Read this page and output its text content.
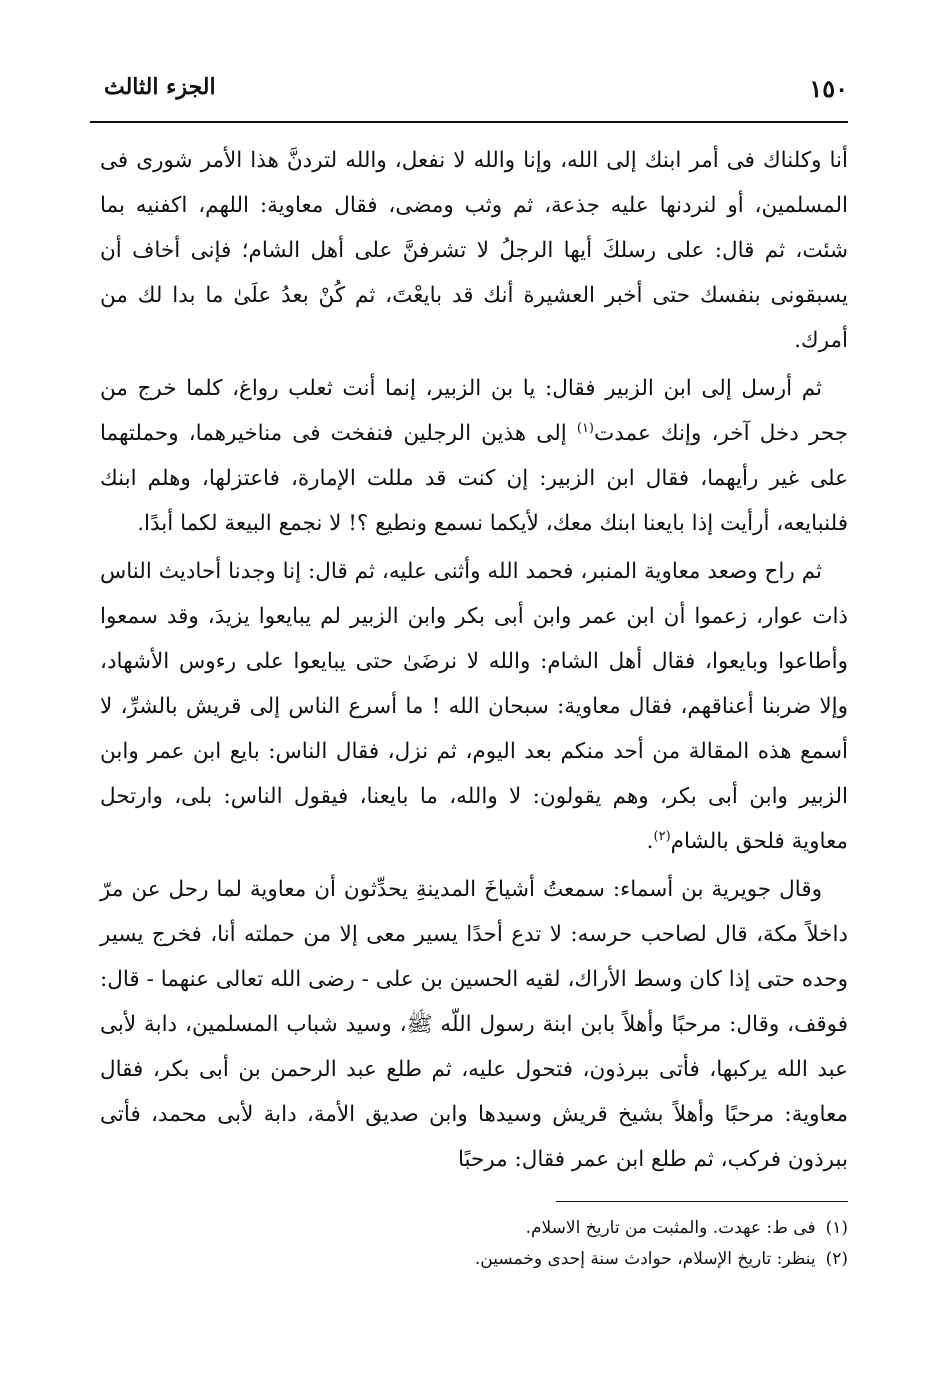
١٥٠
الجزء الثالث

أنا وكلناك فى أمر ابنك إلى الله، وإنا والله لا نفعل، والله لتردنَّ هذا الأمر شورى فى المسلمين، أو لنردنها عليه جذعة، ثم وثب ومضى، فقال معاوية: اللهم، اكفنيه بما شئت، ثم قال: على رسلكَ أيها الرجلُ لا تشرفنَّ على أهل الشام؛ فإنى أخاف أن يسبقونى بنفسك حتى أخبر العشيرة أنك قد بايعْتَ، ثم كُنْ بعدُ علَىٰ ما بدا لك من أمرك.

ثم أرسل إلى ابن الزبير فقال: يا بن الزبير، إنما أنت ثعلب رواغ، كلما خرج من جحر دخل آخر، وإنك عمدت$^{(١)}$ إلى هذين الرجلين فنفخت فى مناخيرهما، وحملتهما على غير رأيهما، فقال ابن الزبير: إن كنت قد مللت الإمارة، فاعتزلها، وهلم ابنك فلنبايعه، أرأيت إذا بايعنا ابنك معك، لأيكما نسمع ونطيع ؟! لا نجمع البيعة لكما أبدًا.

ثم راح وصعد معاوية المنبر، فحمد الله وأثنى عليه، ثم قال: إنا وجدنا أحاديث الناس ذات عوار، زعموا أن ابن عمر وابن أبى بكر وابن الزبير لم يبايعوا يزيدَ، وقد سمعوا وأطاعوا وبايعوا، فقال أهل الشام: والله لا نرضَىٰ حتى يبايعوا على رءوس الأشهاد، وإلا ضربنا أعناقهم، فقال معاوية: سبحان الله ! ما أسرع الناس إلى قريش بالشرِّ، لا أسمع هذه المقالة من أحد منكم بعد اليوم، ثم نزل، فقال الناس: بايع ابن عمر وابن الزبير وابن أبى بكر، وهم يقولون: لا والله، ما بايعنا، فيقول الناس: بلى، وارتحل معاوية فلحق بالشام$^{(٢)}$.

وقال جويرية بن أسماء: سمعتُ أشياخَ المدينةِ يحدِّثون أن معاوية لما رحل عن مرّ داخلاً مكة، قال لصاحب حرسه: لا تدع أحدًا يسير معى إلا من حملته أنا، فخرج يسير وحده حتى إذا كان وسط الأراك، لقيه الحسين بن على - رضى الله تعالى عنهما - قال: فوقف، وقال: مرحبًا وأهلاً بابن ابنة رسول اللّه ﷺ، وسيد شباب المسلمين، دابة لأبى عبد الله يركبها، فأتى ببرذون، فتحول عليه، ثم طلع عبد الرحمن بن أبى بكر، فقال معاوية: مرحبًا وأهلاً بشيخ قريش وسيدها وابن صديق الأمة، دابة لأبى محمد، فأتى ببرذون فركب، ثم طلع ابن عمر فقال: مرحبًا

(١)فى ط: عهدت. والمثبت من تاريخ الاسلام.
(٢)ينظر: تاريخ الإسلام، حوادث سنة إحدى وخمسين.
